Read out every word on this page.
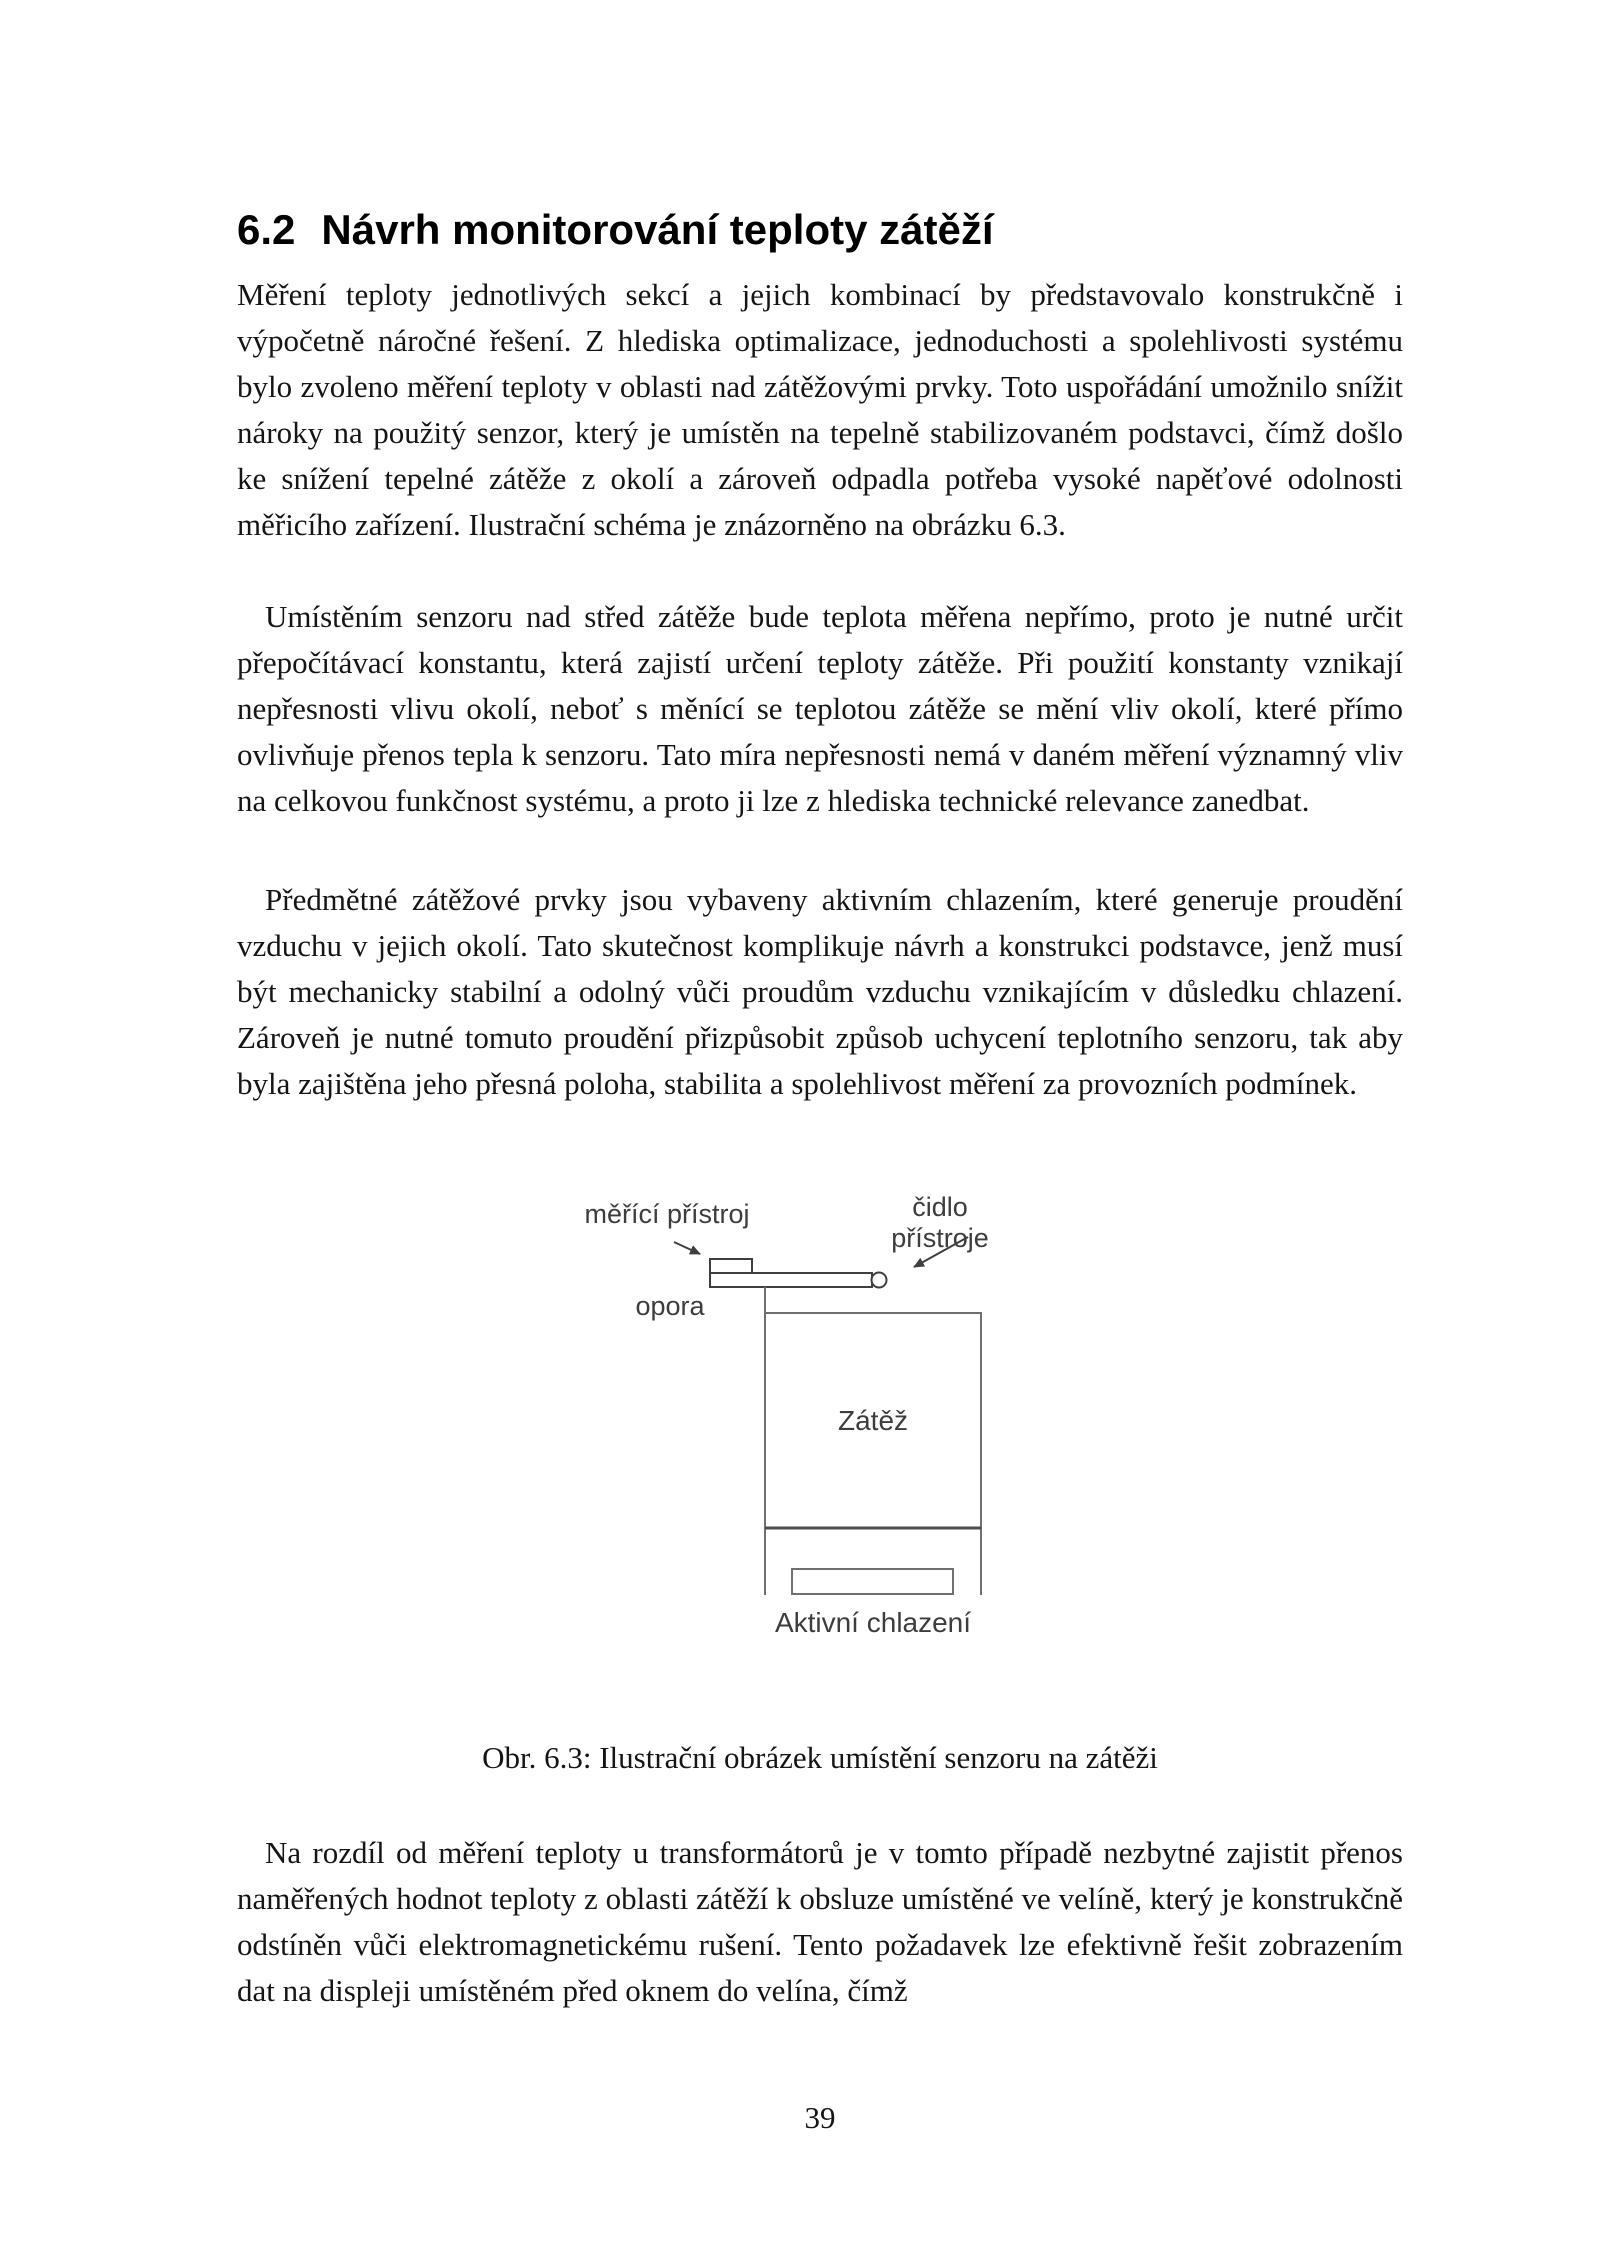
6.2 Návrh monitorování teploty zátěží

Měření teploty jednotlivých sekcí a jejich kombinací by představovalo konstrukčně i výpočetně náročné řešení. Z hlediska optimalizace, jednoduchosti a spolehlivosti systému bylo zvoleno měření teploty v oblasti nad zátěžovými prvky. Toto uspořádání umožnilo snížit nároky na použitý senzor, který je umístěn na tepelně stabilizovaném podstavci, čímž došlo ke snížení tepelné zátěže z okolí a zároveň odpadla potřeba vysoké napěťové odolnosti měřicího zařízení. Ilustrační schéma je znázorněno na obrázku 6.3.

Umístěním senzoru nad střed zátěže bude teplota měřena nepřímo, proto je nutné určit přepočítávací konstantu, která zajistí určení teploty zátěže. Při použití konstanty vznikají nepřesnosti vlivu okolí, neboť s měnící se teplotou zátěže se mění vliv okolí, které přímo ovlivňuje přenos tepla k senzoru. Tato míra nepřesnosti nemá v daném měření významný vliv na celkovou funkčnost systému, a proto ji lze z hlediska technické relevance zanedbat.

Předmětné zátěžové prvky jsou vybaveny aktivním chlazením, které generuje proudění vzduchu v jejich okolí. Tato skutečnost komplikuje návrh a konstrukci podstavce, jenž musí být mechanicky stabilní a odolný vůči proudům vzduchu vznikajícím v důsledku chlazení. Zároveň je nutné tomuto proudění přizpůsobit způsob uchycení teplotního senzoru, tak aby byla zajištěna jeho přesná poloha, stabilita a spolehlivost měření za provozních podmínek.

měřící přístroj	čidlo
přístroje
opora
Zátěž
Aktivní chlazení
Obr. 6.3: Ilustrační obrázek umístění senzoru na zátěži

Na rozdíl od měření teploty u transformátorů je v tomto případě nezbytné zajistit přenos naměřených hodnot teploty z oblasti zátěží k obsluze umístěné ve velíně, který je konstrukčně odstíněn vůči elektromagnetickému rušení. Tento požadavek lze efektivně řešit zobrazením dat na displeji umístěném před oknem do velína, čímž

39
